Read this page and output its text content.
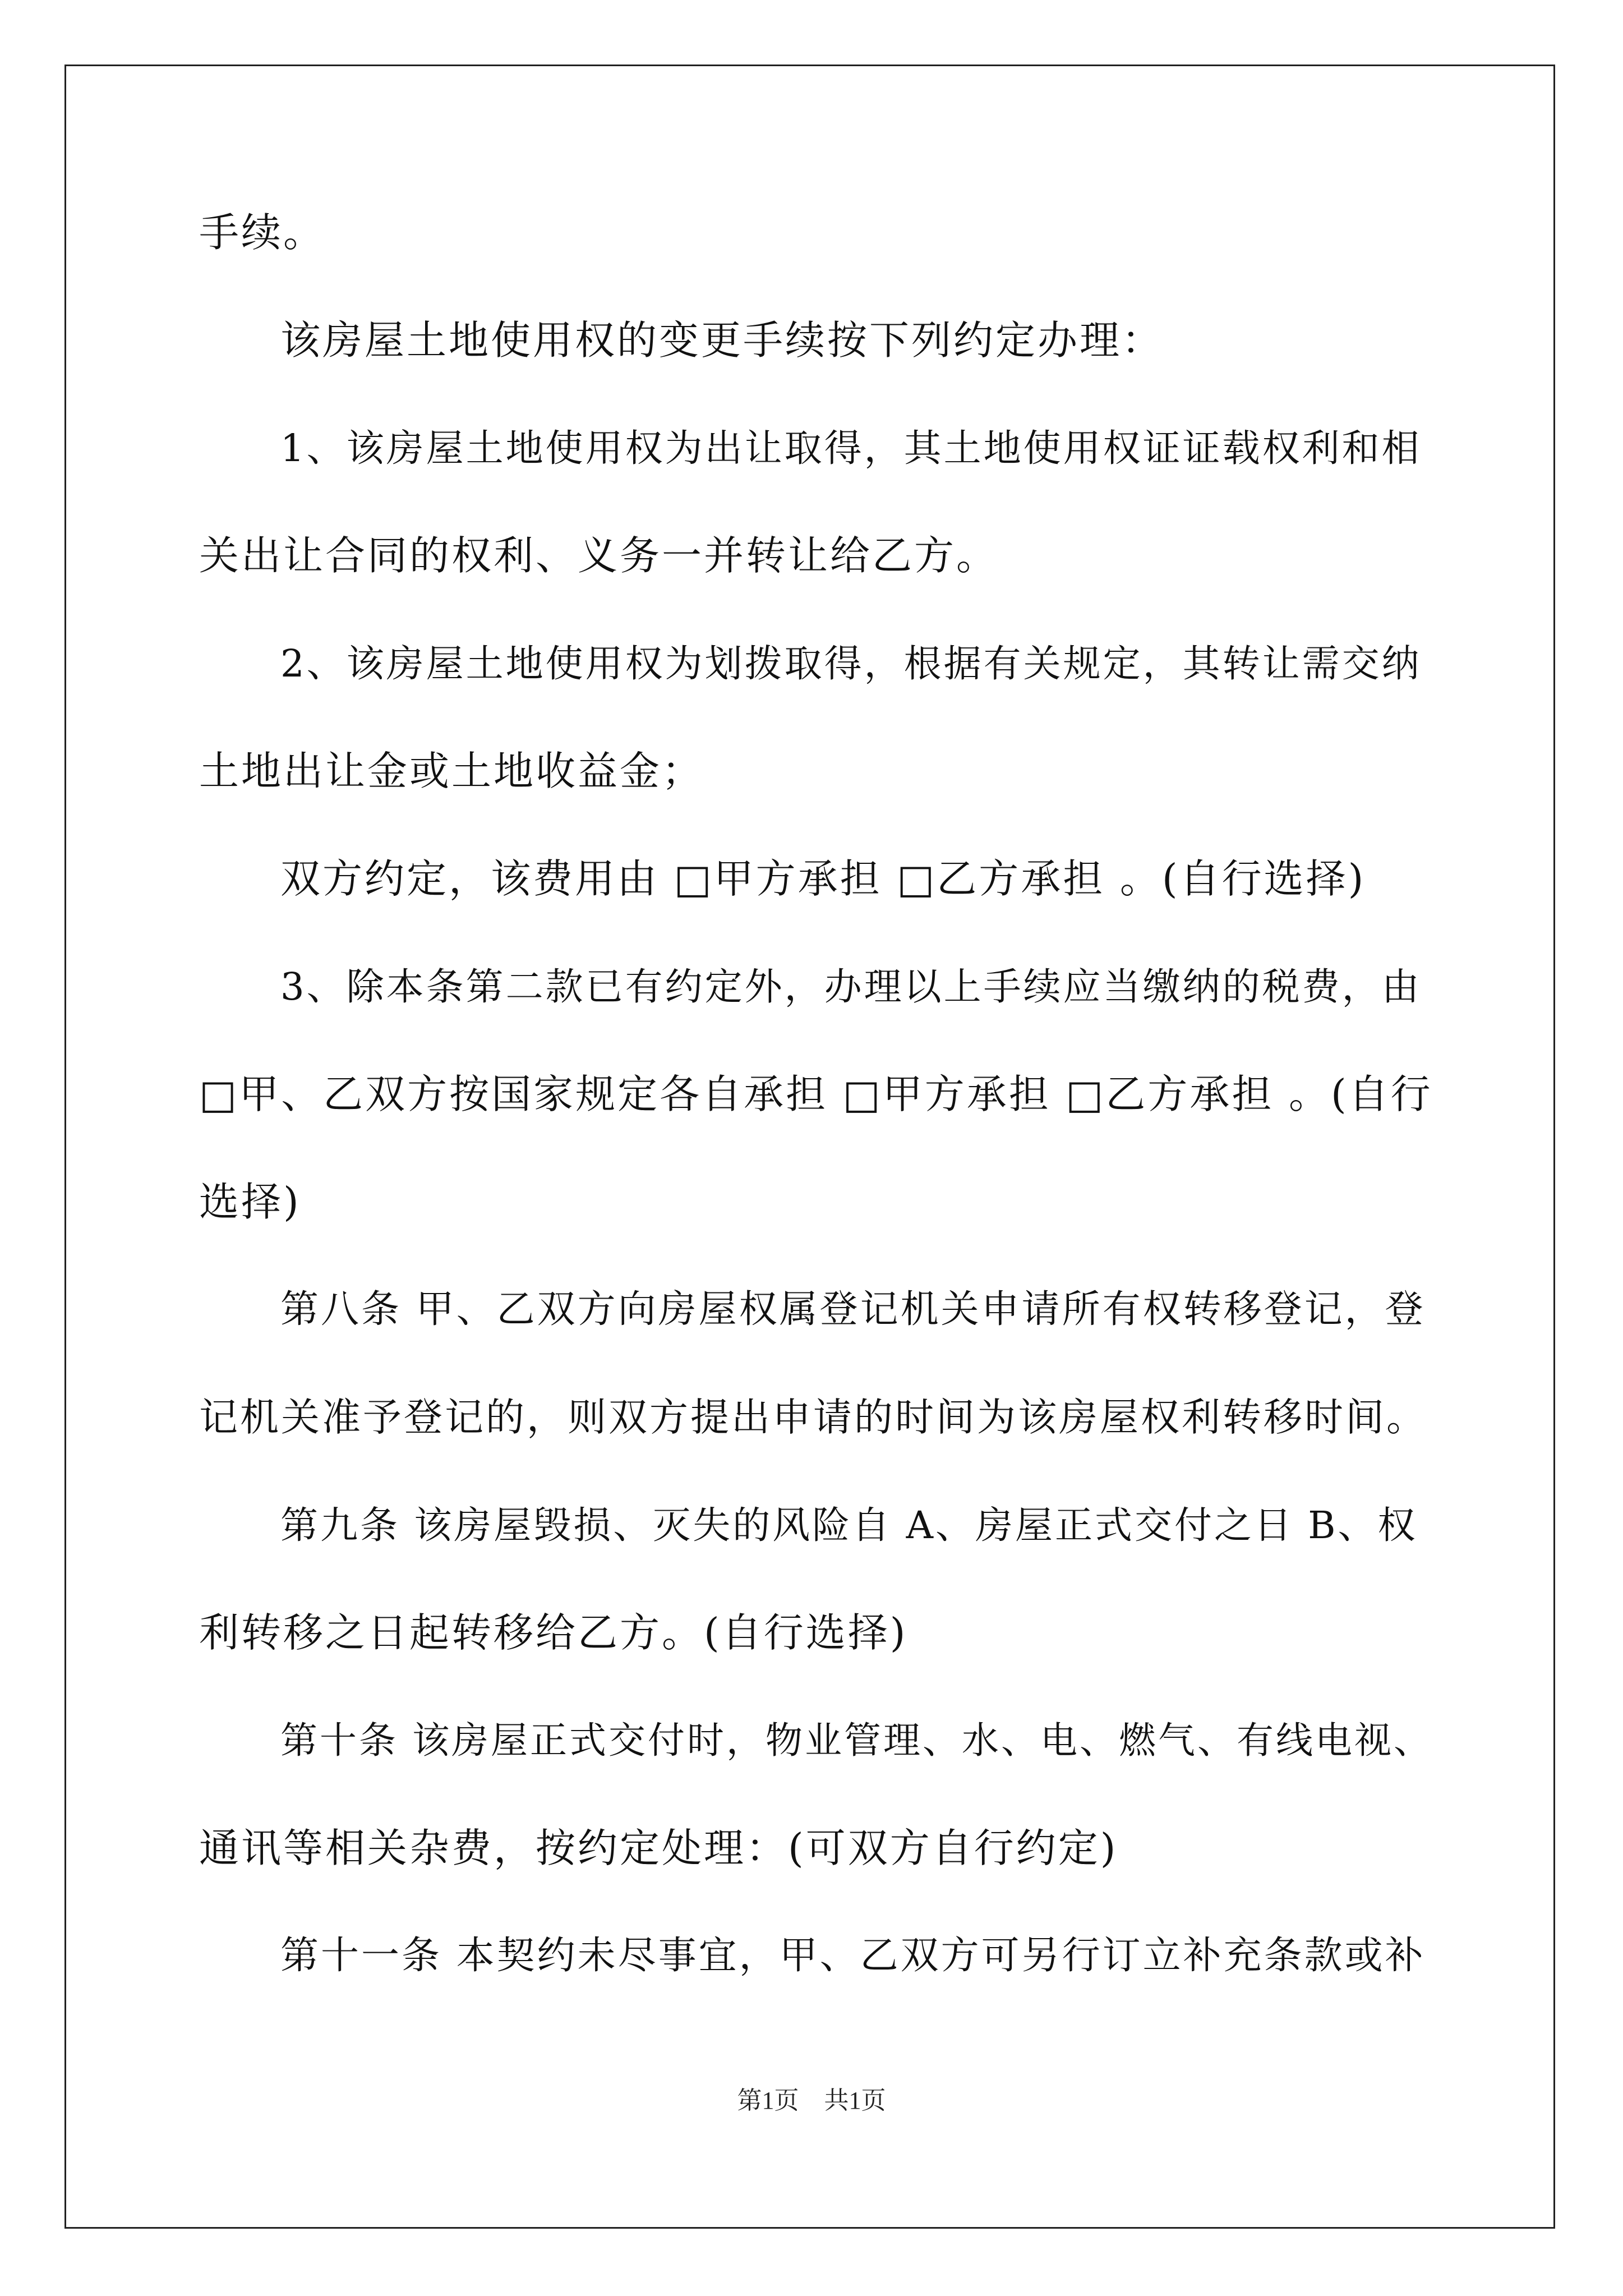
手续。
该房屋土地使用权的变更手续按下列约定办理：
1、该房屋土地使用权为出让取得，其土地使用权证证载权利和相
关出让合同的权利、义务一并转让给乙方。
2、该房屋土地使用权为划拨取得，根据有关规定，其转让需交纳
土地出让金或土地收益金；
双方约定，该费用由 □甲方承担 □乙方承担 。(自行选择)
3、除本条第二款已有约定外，办理以上手续应当缴纳的税费，由
□甲、乙双方按国家规定各自承担 □甲方承担 □乙方承担 。(自行
选择)
第八条 甲、乙双方向房屋权属登记机关申请所有权转移登记，登
记机关准予登记的，则双方提出申请的时间为该房屋权利转移时间。
第九条 该房屋毁损、灭失的风险自 A、房屋正式交付之日 B、权
利转移之日起转移给乙方。(自行选择)
第十条 该房屋正式交付时，物业管理、水、电、燃气、有线电视、
通讯等相关杂费，按约定处理：(可双方自行约定)
第十一条 本契约未尽事宜，甲、乙双方可另行订立补充条款或补
第1页 共1页
